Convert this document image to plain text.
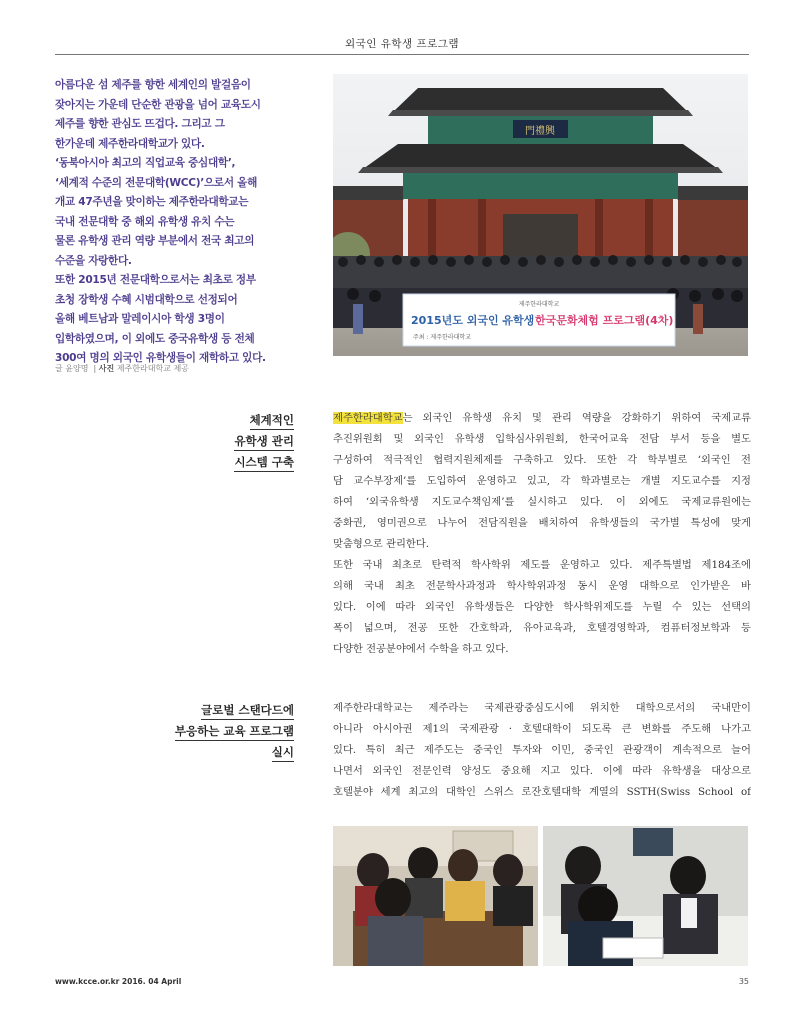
외국인 유학생 프로그램

아름다운 섬 제주를 향한 세계인의 발걸음이

잦아지는 가운데 단순한 관광을 넘어 교육도시

제주를 향한 관심도 뜨겁다. 그리고 그

한가운데 제주한라대학교가 있다.

‘동북아시아 최고의 직업교육 중심대학’,

‘세계적 수준의 전문대학(WCC)’으로서 올해

개교 47주년을 맞이하는 제주한라대학교는

국내 전문대학 중 해외 유학생 유치 수는

물론 유학생 관리 역량 부분에서 전국 최고의

수준을 자랑한다.

또한 2015년 전문대학으로서는 최초로 정부

초청 장학생 수혜 시범대학으로 선정되어

올해 베트남과 말레이시아 학생 3명이

입학하였으며, 이 외에도 중국유학생 등 전체

300여 명의 외국인 유학생들이 재학하고 있다.

글 윤양명  | 사진 제주한라대학교 제공
門禮興
제주한라대학교
2015년도 외국인 유학생 한국문화체험 프로그램(4차)
주최 : 제주한라대학교
체계적인
유학생 관리
시스템 구축

제주한라대학교는 외국인 유학생 유치 및 관리 역량을 강화하기 위하여 국제교류

추진위원회 및 외국인 유학생 입학심사위원회, 한국어교육 전담 부서 등을 별도

구성하여 적극적인 협력지원체제를 구축하고 있다. 또한 각 학부별로 ‘외국인 전

담 교수부장제’를 도입하여 운영하고 있고, 각 학과별로는 개별 지도교수를 지정

하여 ‘외국유학생 지도교수책임제’를 실시하고 있다. 이 외에도 국제교류원에는

중화권, 영미권으로 나누어 전담직원을 배치하여 유학생들의 국가별 특성에 맞게

맞춤형으로 관리한다.

또한 국내 최초로 탄력적 학사학위 제도를 운영하고 있다. 제주특별법 제184조에

의해 국내 최초 전문학사과정과 학사학위과정 동시 운영 대학으로 인가받은 바

있다. 이에 따라 외국인 유학생들은 다양한 학사학위제도를 누릴 수 있는 선택의

폭이 넓으며, 전공 또한 간호학과, 유아교육과, 호텔경영학과, 컴퓨터정보학과 등

다양한 전공분야에서 수학을 하고 있다.

글로벌 스탠다드에
부응하는 교육 프로그램
실시

제주한라대학교는 제주라는 국제관광중심도시에 위치한 대학으로서의 국내만이

아니라 아시아권 제1의 국제관광 · 호텔대학이 되도록 큰 변화를 주도해 나가고

있다. 특히 최근 제주도는 중국인 투자와 이민, 중국인 관광객이 계속적으로 늘어

나면서 외국인 전문인력 양성도 중요해 지고 있다. 이에 따라 유학생을 대상으로

호텔분야 세계 최고의 대학인 스위스 로잔호텔대학 계열의 SSTH(Swiss School of

www.kcce.or.kr 2016. 04 April	35
